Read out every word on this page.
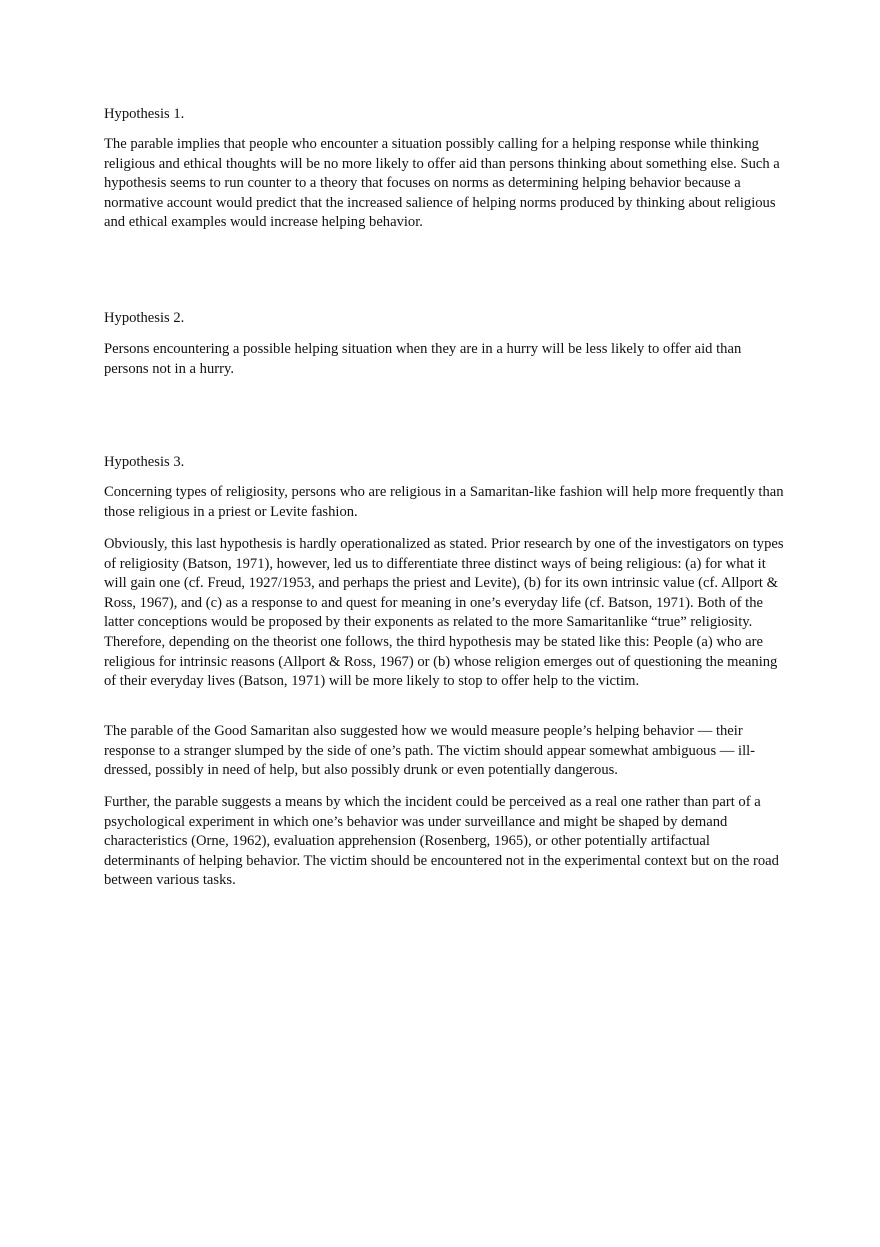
Hypothesis 1.

The parable implies that people who encounter a situation possibly calling for a helping response while thinking religious and ethical thoughts will be no more likely to offer aid than persons thinking about something else. Such a hypothesis seems to run counter to a theory that focuses on norms as determining helping behavior because a normative account would predict that the increased salience of helping norms produced by thinking about religious and ethical examples would increase helping behavior.

Hypothesis 2.

Persons encountering a possible helping situation when they are in a hurry will be less likely to offer aid than persons not in a hurry.

Hypothesis 3.

Concerning types of religiosity, persons who are religious in a Samaritan-like fashion will help more frequently than those religious in a priest or Levite fashion.

Obviously, this last hypothesis is hardly operationalized as stated. Prior research by one of the investigators on types of religiosity (Batson, 1971), however, led us to differentiate three distinct ways of being religious: (a) for what it will gain one (cf. Freud, 1927/1953, and perhaps the priest and Levite), (b) for its own intrinsic value (cf. Allport & Ross, 1967), and (c) as a response to and quest for meaning in one’s everyday life (cf. Batson, 1971). Both of the latter conceptions would be proposed by their exponents as related to the more Samaritanlike “true” religiosity. Therefore, depending on the theorist one follows, the third hypothesis may be stated like this: People (a) who are religious for intrinsic reasons (Allport & Ross, 1967) or (b) whose religion emerges out of questioning the meaning of their everyday lives (Batson, 1971) will be more likely to stop to offer help to the victim.

The parable of the Good Samaritan also suggested how we would measure people’s helping behavior — their response to a stranger slumped by the side of one’s path. The victim should appear somewhat ambiguous — ill-dressed, possibly in need of help, but also possibly drunk or even potentially dangerous.

Further, the parable suggests a means by which the incident could be perceived as a real one rather than part of a psychological experiment in which one’s behavior was under surveillance and might be shaped by demand characteristics (Orne, 1962), evaluation apprehension (Rosenberg, 1965), or other potentially artifactual determinants of helping behavior. The victim should be encountered not in the experimental context but on the road between various tasks.
